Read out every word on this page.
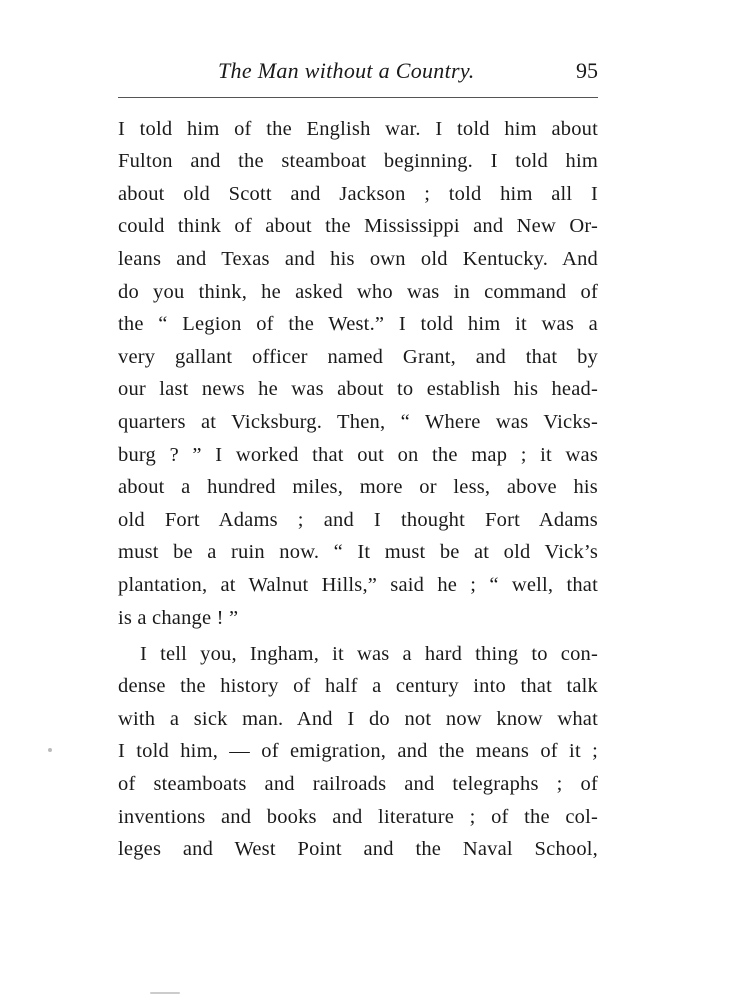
The Man without a Country.	95
I told him of the English war. I told him about
Fulton and the steamboat beginning. I told him
about old Scott and Jackson ; told him all I
could think of about the Mississippi and New Or-
leans and Texas and his own old Kentucky. And
do you think, he asked who was in command of
the “ Legion of the West.” I told him it was a
very gallant officer named Grant, and that by
our last news he was about to establish his head-
quarters at Vicksburg. Then, “ Where was Vicks-
burg ? ” I worked that out on the map ; it was
about a hundred miles, more or less, above his
old Fort Adams ; and I thought Fort Adams
must be a ruin now. “ It must be at old Vick’s
plantation, at Walnut Hills,” said he ; “ well, that
is a change ! ”
I tell you, Ingham, it was a hard thing to con-
dense the history of half a century into that talk
with a sick man. And I do not now know what
I told him, — of emigration, and the means of it ;
of steamboats and railroads and telegraphs ; of
inventions and books and literature ; of the col-
leges and West Point and the Naval School,
